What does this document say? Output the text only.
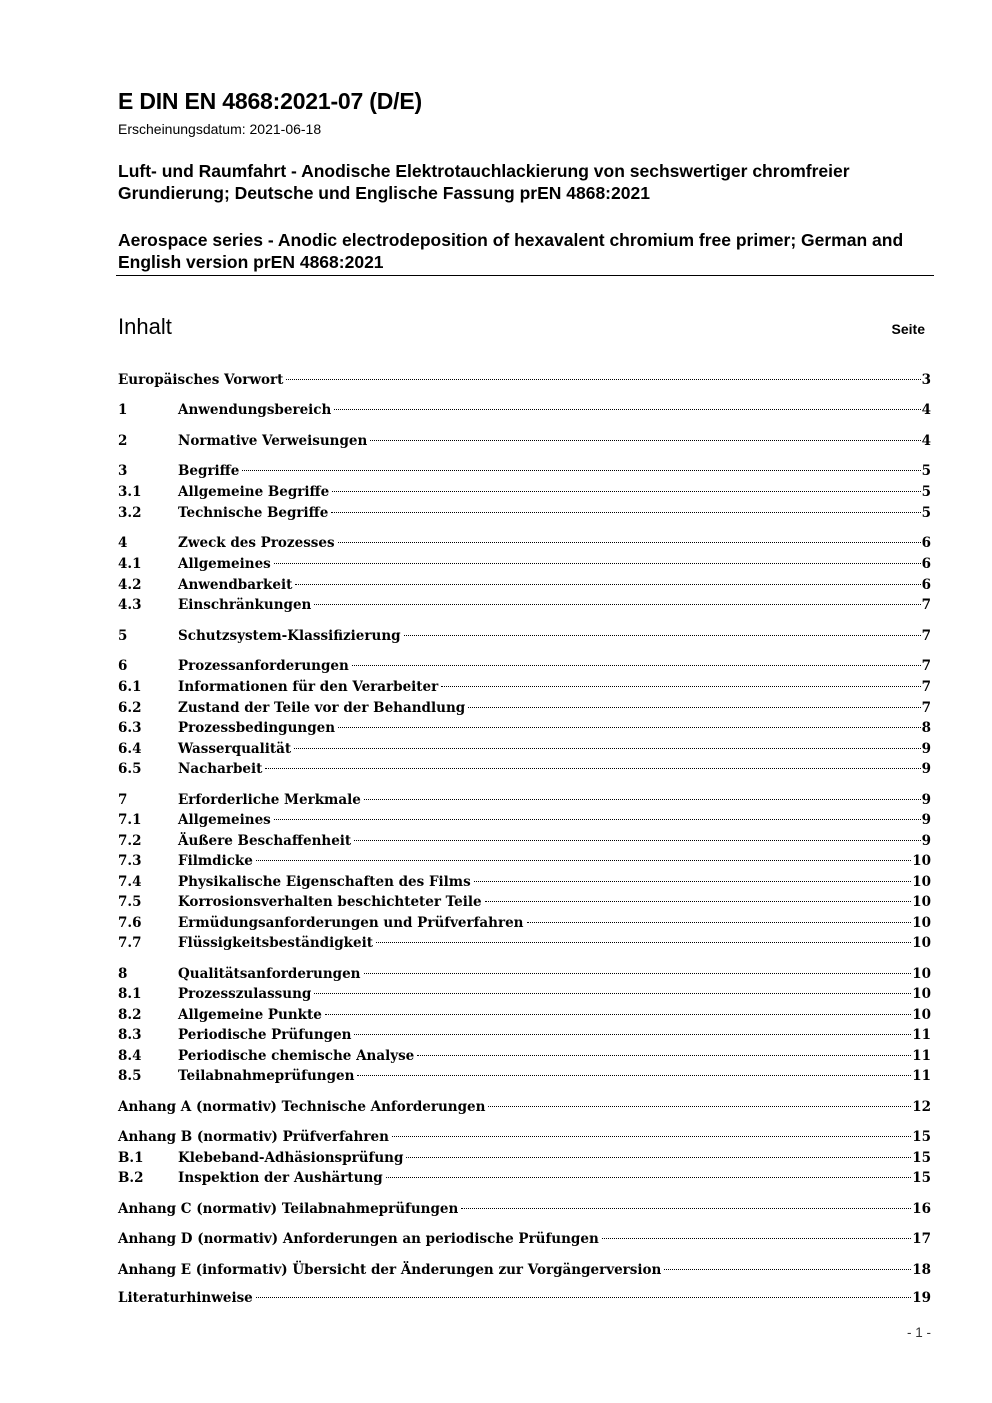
E DIN EN 4868:2021-07 (D/E)
Erscheinungsdatum: 2021-06-18
Luft- und Raumfahrt - Anodische Elektrotauchlackierung von sechswertiger chromfreier Grundierung; Deutsche und Englische Fassung prEN 4868:2021
Aerospace series - Anodic electrodeposition of hexavalent chromium free primer; German and English version prEN 4868:2021
Inhalt	Seite
Europäisches Vorwort	3
1	Anwendungsbereich	4
2	Normative Verweisungen	4
3	Begriffe	5
3.1	Allgemeine Begriffe	5
3.2	Technische Begriffe	5
4	Zweck des Prozesses	6
4.1	Allgemeines	6
4.2	Anwendbarkeit	6
4.3	Einschränkungen	7
5	Schutzsystem-Klassifizierung	7
6	Prozessanforderungen	7
6.1	Informationen für den Verarbeiter	7
6.2	Zustand der Teile vor der Behandlung	7
6.3	Prozessbedingungen	8
6.4	Wasserqualität	9
6.5	Nacharbeit	9
7	Erforderliche Merkmale	9
7.1	Allgemeines	9
7.2	Äußere Beschaffenheit	9
7.3	Filmdicke	10
7.4	Physikalische Eigenschaften des Films	10
7.5	Korrosionsverhalten beschichteter Teile	10
7.6	Ermüdungsanforderungen und Prüfverfahren	10
7.7	Flüssigkeitsbeständigkeit	10
8	Qualitätsanforderungen	10
8.1	Prozesszulassung	10
8.2	Allgemeine Punkte	10
8.3	Periodische Prüfungen	11
8.4	Periodische chemische Analyse	11
8.5	Teilabnahmeprüfungen	11
Anhang A (normativ) Technische Anforderungen	12
Anhang B (normativ) Prüfverfahren	15
B.1	Klebeband-Adhäsionsprüfung	15
B.2	Inspektion der Aushärtung	15
Anhang C (normativ) Teilabnahmeprüfungen	16
Anhang D (normativ) Anforderungen an periodische Prüfungen	17
Anhang E (informativ) Übersicht der Änderungen zur Vorgängerversion	18
Literaturhinweise	19
- 1 -
